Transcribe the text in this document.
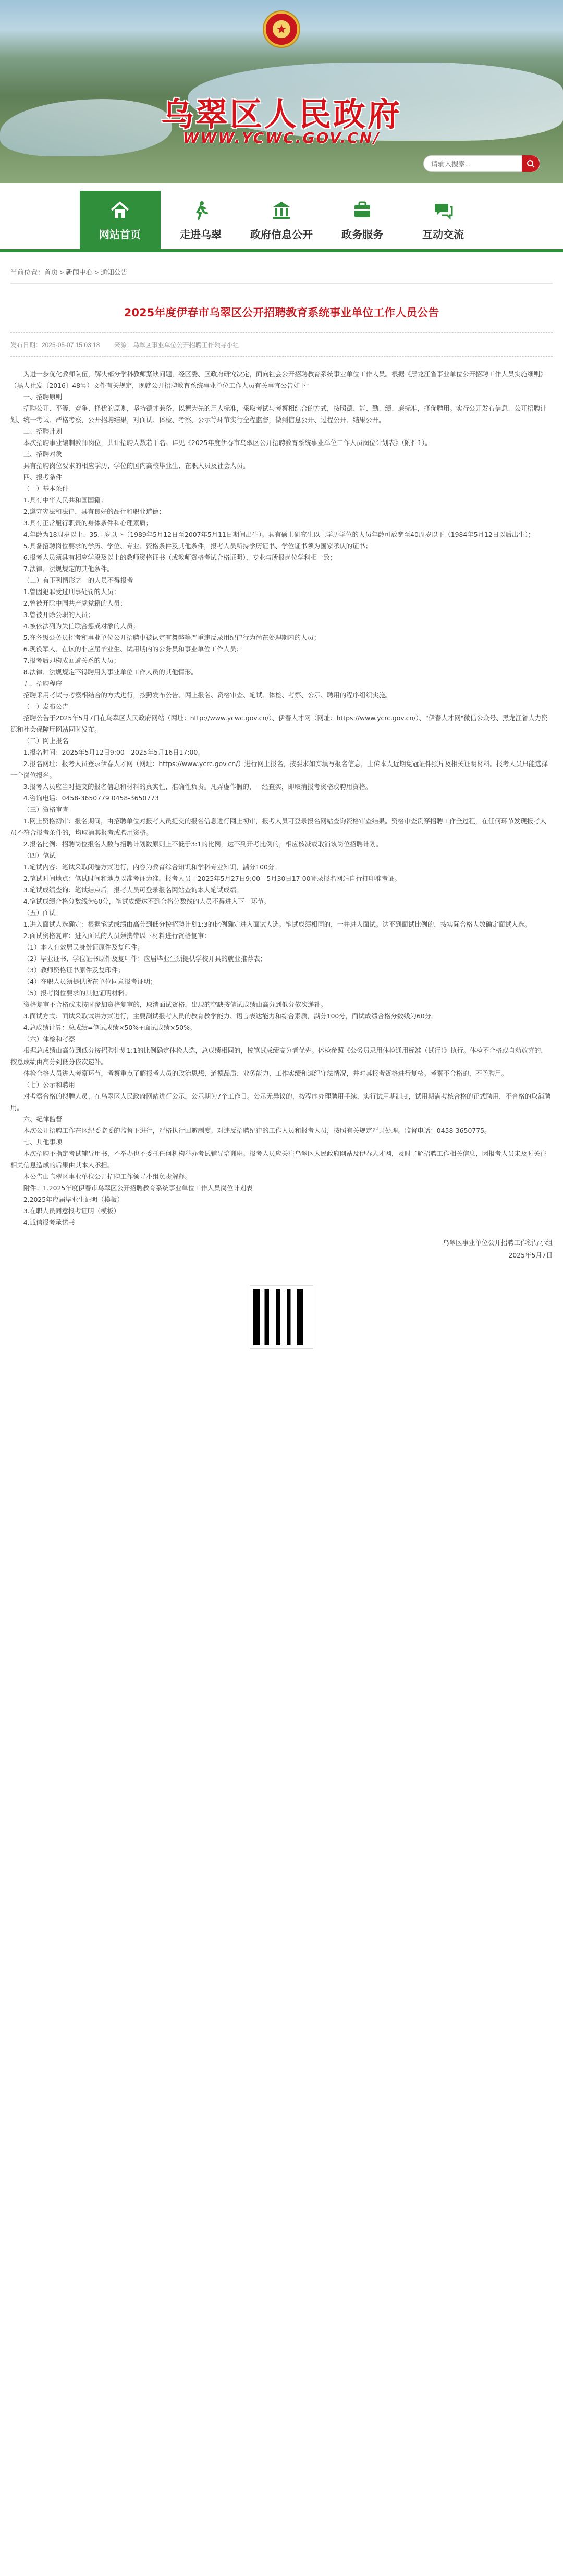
★
乌翠区人民政府
WWW.YCWC.GOV.CN/
请输入搜索...
网站首页	走进乌翠	政府信息公开	政务服务	互动交流
当前位置：首页 > 新闻中心 > 通知公告
2025年度伊春市乌翠区公开招聘教育系统事业单位工作人员公告
发布日期：2025-05-07 15:03:18 来源：乌翠区事业单位公开招聘工作领导小组

为进一步优化教师队伍，解决部分学科教师紧缺问题，经区委、区政府研究决定，面向社会公开招聘教育系统事业单位工作人员。根据《黑龙江省事业单位公开招聘工作人员实施细则》（黑人社发〔2016〕48号）文件有关规定，现就公开招聘教育系统事业单位工作人员有关事宜公告如下：

一、招聘原则

招聘公开、平等、竞争、择优的原则，坚持德才兼备，以德为先的用人标准，采取考试与考察相结合的方式，按照德、能、勤、绩、廉标准，择优聘用。实行公开发布信息、公开招聘计划、统一考试、严格考察，公开招聘结果，对面试、体检、考察、公示等环节实行全程监督，做到信息公开、过程公开、结果公开。

二、招聘计划

本次招聘事业编制教师岗位，共计招聘人数若干名。详见《2025年度伊春市乌翠区公开招聘教育系统事业单位工作人员岗位计划表》（附件1）。

三、招聘对象

具有招聘岗位要求的相应学历、学位的国内高校毕业生、在职人员及社会人员。

四、报考条件

（一）基本条件

1.具有中华人民共和国国籍；

2.遵守宪法和法律，具有良好的品行和职业道德；

3.具有正常履行职责的身体条件和心理素质；

4.年龄为18周岁以上、35周岁以下（1989年5月12日至2007年5月11日期间出生）。具有硕士研究生以上学历学位的人员年龄可放宽至40周岁以下（1984年5月12日以后出生）；

5.具备招聘岗位要求的学历、学位、专业、资格条件及其他条件，报考人员所持学历证书、学位证书须为国家承认的证书；

6.报考人员须具有相应学段及以上的教师资格证书（或教师资格考试合格证明），专业与所报岗位学科相一致；

7.法律、法规规定的其他条件。

（二）有下列情形之一的人员不得报考

1.曾因犯罪受过刑事处罚的人员；

2.曾被开除中国共产党党籍的人员；

3.曾被开除公职的人员；

4.被依法列为失信联合惩戒对象的人员；

5.在各级公务员招考和事业单位公开招聘中被认定有舞弊等严重违反录用纪律行为尚在处理期内的人员；

6.现役军人、在读的非应届毕业生、试用期内的公务员和事业单位工作人员；

7.报考后即构成回避关系的人员；

8.法律、法规规定不得聘用为事业单位工作人员的其他情形。

五、招聘程序

招聘采用考试与考察相结合的方式进行，按照发布公告、网上报名、资格审查、笔试、体检、考察、公示、聘用的程序组织实施。

（一）发布公告

招聘公告于2025年5月7日在乌翠区人民政府网站（网址：http://www.ycwc.gov.cn/）、伊春人才网（网址：https://www.ycrc.gov.cn/）、"伊春人才网"微信公众号、黑龙江省人力资源和社会保障厅网站同时发布。

（二）网上报名

1.报名时间：2025年5月12日9:00—2025年5月16日17:00。

2.报名网址：报考人员登录伊春人才网（网址：https://www.ycrc.gov.cn/）进行网上报名，按要求如实填写报名信息，上传本人近期免冠证件照片及相关证明材料。报考人员只能选择一个岗位报名。

3.报考人员应当对提交的报名信息和材料的真实性、准确性负责。凡弄虚作假的，一经查实，即取消报考资格或聘用资格。

4.咨询电话：0458-3650779 0458-3650773

（三）资格审查

1.网上资格初审：报名期间，由招聘单位对报考人员提交的报名信息进行网上初审，报考人员可登录报名网站查询资格审查结果。资格审查贯穿招聘工作全过程，在任何环节发现报考人员不符合报考条件的，均取消其报考或聘用资格。

2.报名比例：招聘岗位报名人数与招聘计划数原则上不低于3:1的比例，达不到开考比例的，相应核减或取消该岗位招聘计划。

（四）笔试

1.笔试内容：笔试采取闭卷方式进行，内容为教育综合知识和学科专业知识，满分100分。

2.笔试时间地点：笔试时间和地点以准考证为准。报考人员于2025年5月27日9:00—5月30日17:00登录报名网站自行打印准考证。

3.笔试成绩查询：笔试结束后，报考人员可登录报名网站查询本人笔试成绩。

4.笔试成绩合格分数线为60分，笔试成绩达不到合格分数线的人员不得进入下一环节。

（五）面试

1.进入面试人选确定：根据笔试成绩由高分到低分按招聘计划1:3的比例确定进入面试人选。笔试成绩相同的，一并进入面试。达不到面试比例的，按实际合格人数确定面试人选。

2.面试资格复审：进入面试的人员须携带以下材料进行资格复审：

（1）本人有效居民身份证原件及复印件；

（2）毕业证书、学位证书原件及复印件；应届毕业生须提供学校开具的就业推荐表；

（3）教师资格证书原件及复印件；

（4）在职人员须提供所在单位同意报考证明；

（5）报考岗位要求的其他证明材料。

资格复审不合格或未按时参加资格复审的，取消面试资格，出现的空缺按笔试成绩由高分到低分依次递补。

3.面试方式：面试采取试讲方式进行，主要测试报考人员的教育教学能力、语言表达能力和综合素质，满分100分，面试成绩合格分数线为60分。

4.总成绩计算：总成绩=笔试成绩×50%+面试成绩×50%。

（六）体检和考察

根据总成绩由高分到低分按招聘计划1:1的比例确定体检人选，总成绩相同的，按笔试成绩高分者优先。体检参照《公务员录用体检通用标准（试行）》执行。体检不合格或自动放弃的，按总成绩由高分到低分依次递补。

体检合格人员进入考察环节，考察重点了解报考人员的政治思想、道德品质、业务能力、工作实绩和遵纪守法情况，并对其报考资格进行复核。考察不合格的，不予聘用。

（七）公示和聘用

对考察合格的拟聘人员，在乌翠区人民政府网站进行公示，公示期为7个工作日。公示无异议的，按程序办理聘用手续，实行试用期制度，试用期满考核合格的正式聘用，不合格的取消聘用。

六、纪律监督

本次公开招聘工作在区纪委监委的监督下进行，严格执行回避制度。对违反招聘纪律的工作人员和报考人员，按照有关规定严肃处理。监督电话：0458-3650775。

七、其他事项

本次招聘不指定考试辅导用书，不举办也不委托任何机构举办考试辅导培训班。报考人员应关注乌翠区人民政府网站及伊春人才网，及时了解招聘工作相关信息，因报考人员未及时关注相关信息造成的后果由其本人承担。

本公告由乌翠区事业单位公开招聘工作领导小组负责解释。

附件：1.2025年度伊春市乌翠区公开招聘教育系统事业单位工作人员岗位计划表

2.2025年应届毕业生证明（模板）

3.在职人员同意报考证明（模板）

4.诚信报考承诺书

乌翠区事业单位公开招聘工作领导小组
2025年5月7日
